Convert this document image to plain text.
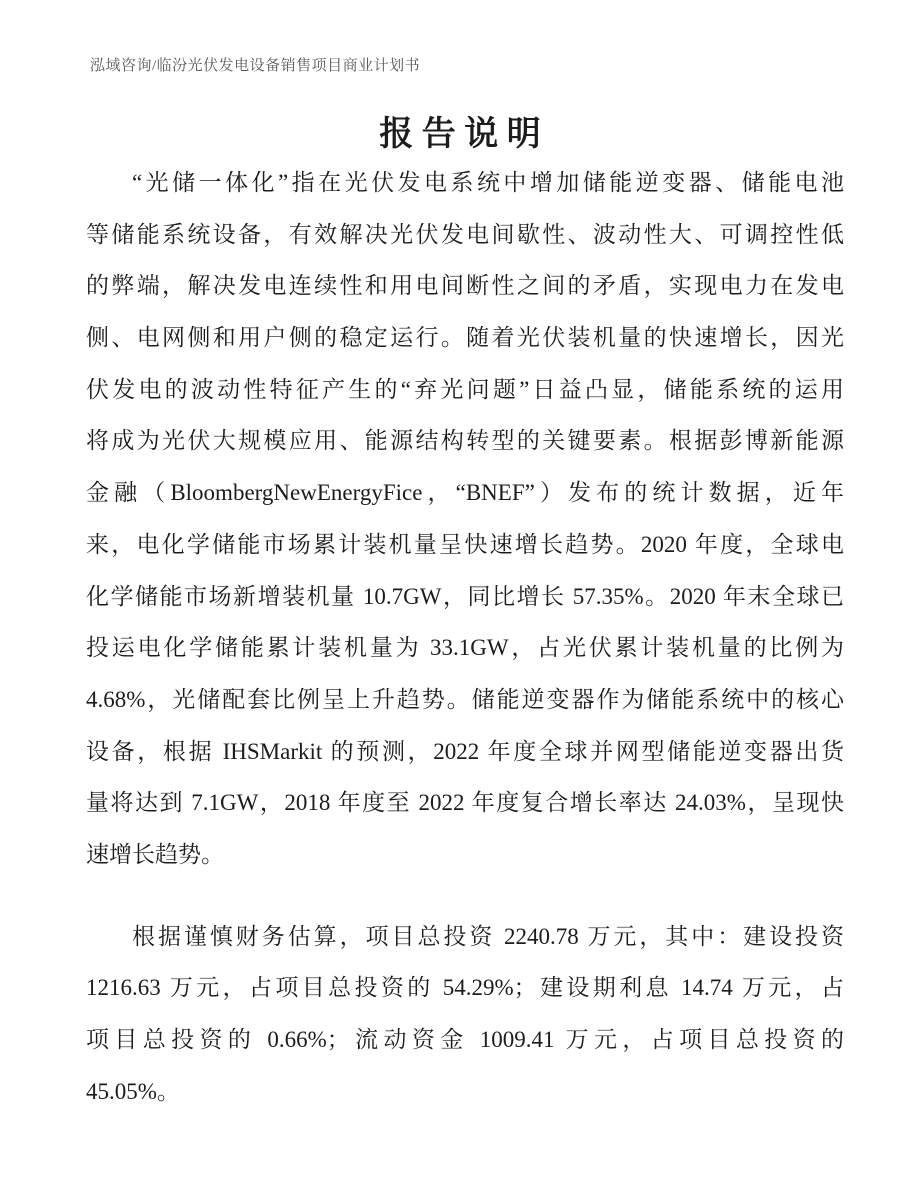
泓域咨询/临汾光伏发电设备销售项目商业计划书
报告说明
“光储一体化”指在光伏发电系统中增加储能逆变器、储能电池
等储能系统设备，有效解决光伏发电间歇性、波动性大、可调控性低
的弊端，解决发电连续性和用电间断性之间的矛盾，实现电力在发电
侧、电网侧和用户侧的稳定运行。随着光伏装机量的快速增长，因光
伏发电的波动性特征产生的“弃光问题”日益凸显，储能系统的运用
将成为光伏大规模应用、能源结构转型的关键要素。根据彭博新能源
金融（BloombergNewEnergyFice，“BNEF”）发布的统计数据，近年
来，电化学储能市场累计装机量呈快速增长趋势。2020 年度，全球电
化学储能市场新增装机量 10.7GW，同比增长 57.35%。2020 年末全球已
投运电化学储能累计装机量为 33.1GW，占光伏累计装机量的比例为
4.68%，光储配套比例呈上升趋势。储能逆变器作为储能系统中的核心
设备，根据 IHSMarkit 的预测，2022 年度全球并网型储能逆变器出货
量将达到 7.1GW，2018 年度至 2022 年度复合增长率达 24.03%，呈现快
速增长趋势。
根据谨慎财务估算，项目总投资 2240.78 万元，其中：建设投资
1216.63 万元，占项目总投资的 54.29%；建设期利息 14.74 万元，占
项目总投资的 0.66%；流动资金 1009.41 万元，占项目总投资的
45.05%。
